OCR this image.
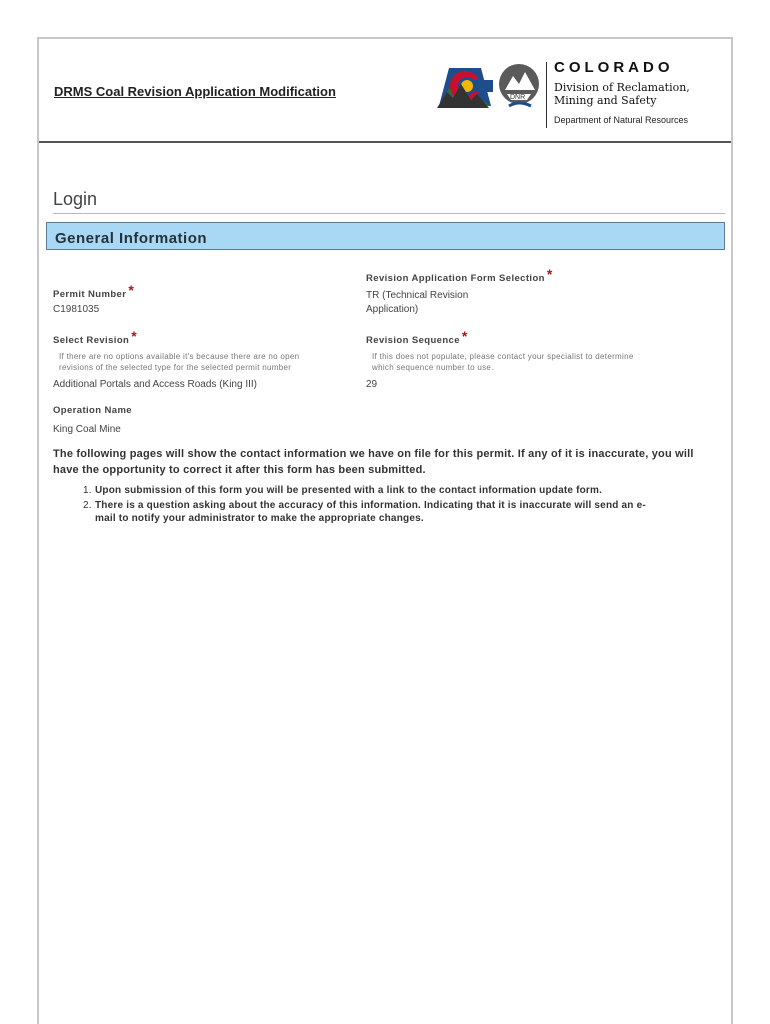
DRMS Coal Revision Application Modification	DNR
COLORADO
Division of Reclamation,
Mining and Safety
Department of Natural Resources
Login
General Information
Revision Application Form Selection *
TR (Technical Revision
Application)
Permit Number *
C1981035
Select Revision *
If there are no options available it's because there are no open
revisions of the selected type for the selected permit number
Additional Portals and Access Roads (King III)
Revision Sequence *
If this does not populate, please contact your specialist to determine
which sequence number to use.
29
Operation Name
King Coal Mine
The following pages will show the contact information we have on file for this permit. If any of it is inaccurate, you will
have the opportunity to correct it after this form has been submitted.
1. Upon submission of this form you will be presented with a link to the contact information update form.
2. There is a question asking about the accuracy of this information. Indicating that it is inaccurate will send an e-
mail to notify your administrator to make the appropriate changes.
